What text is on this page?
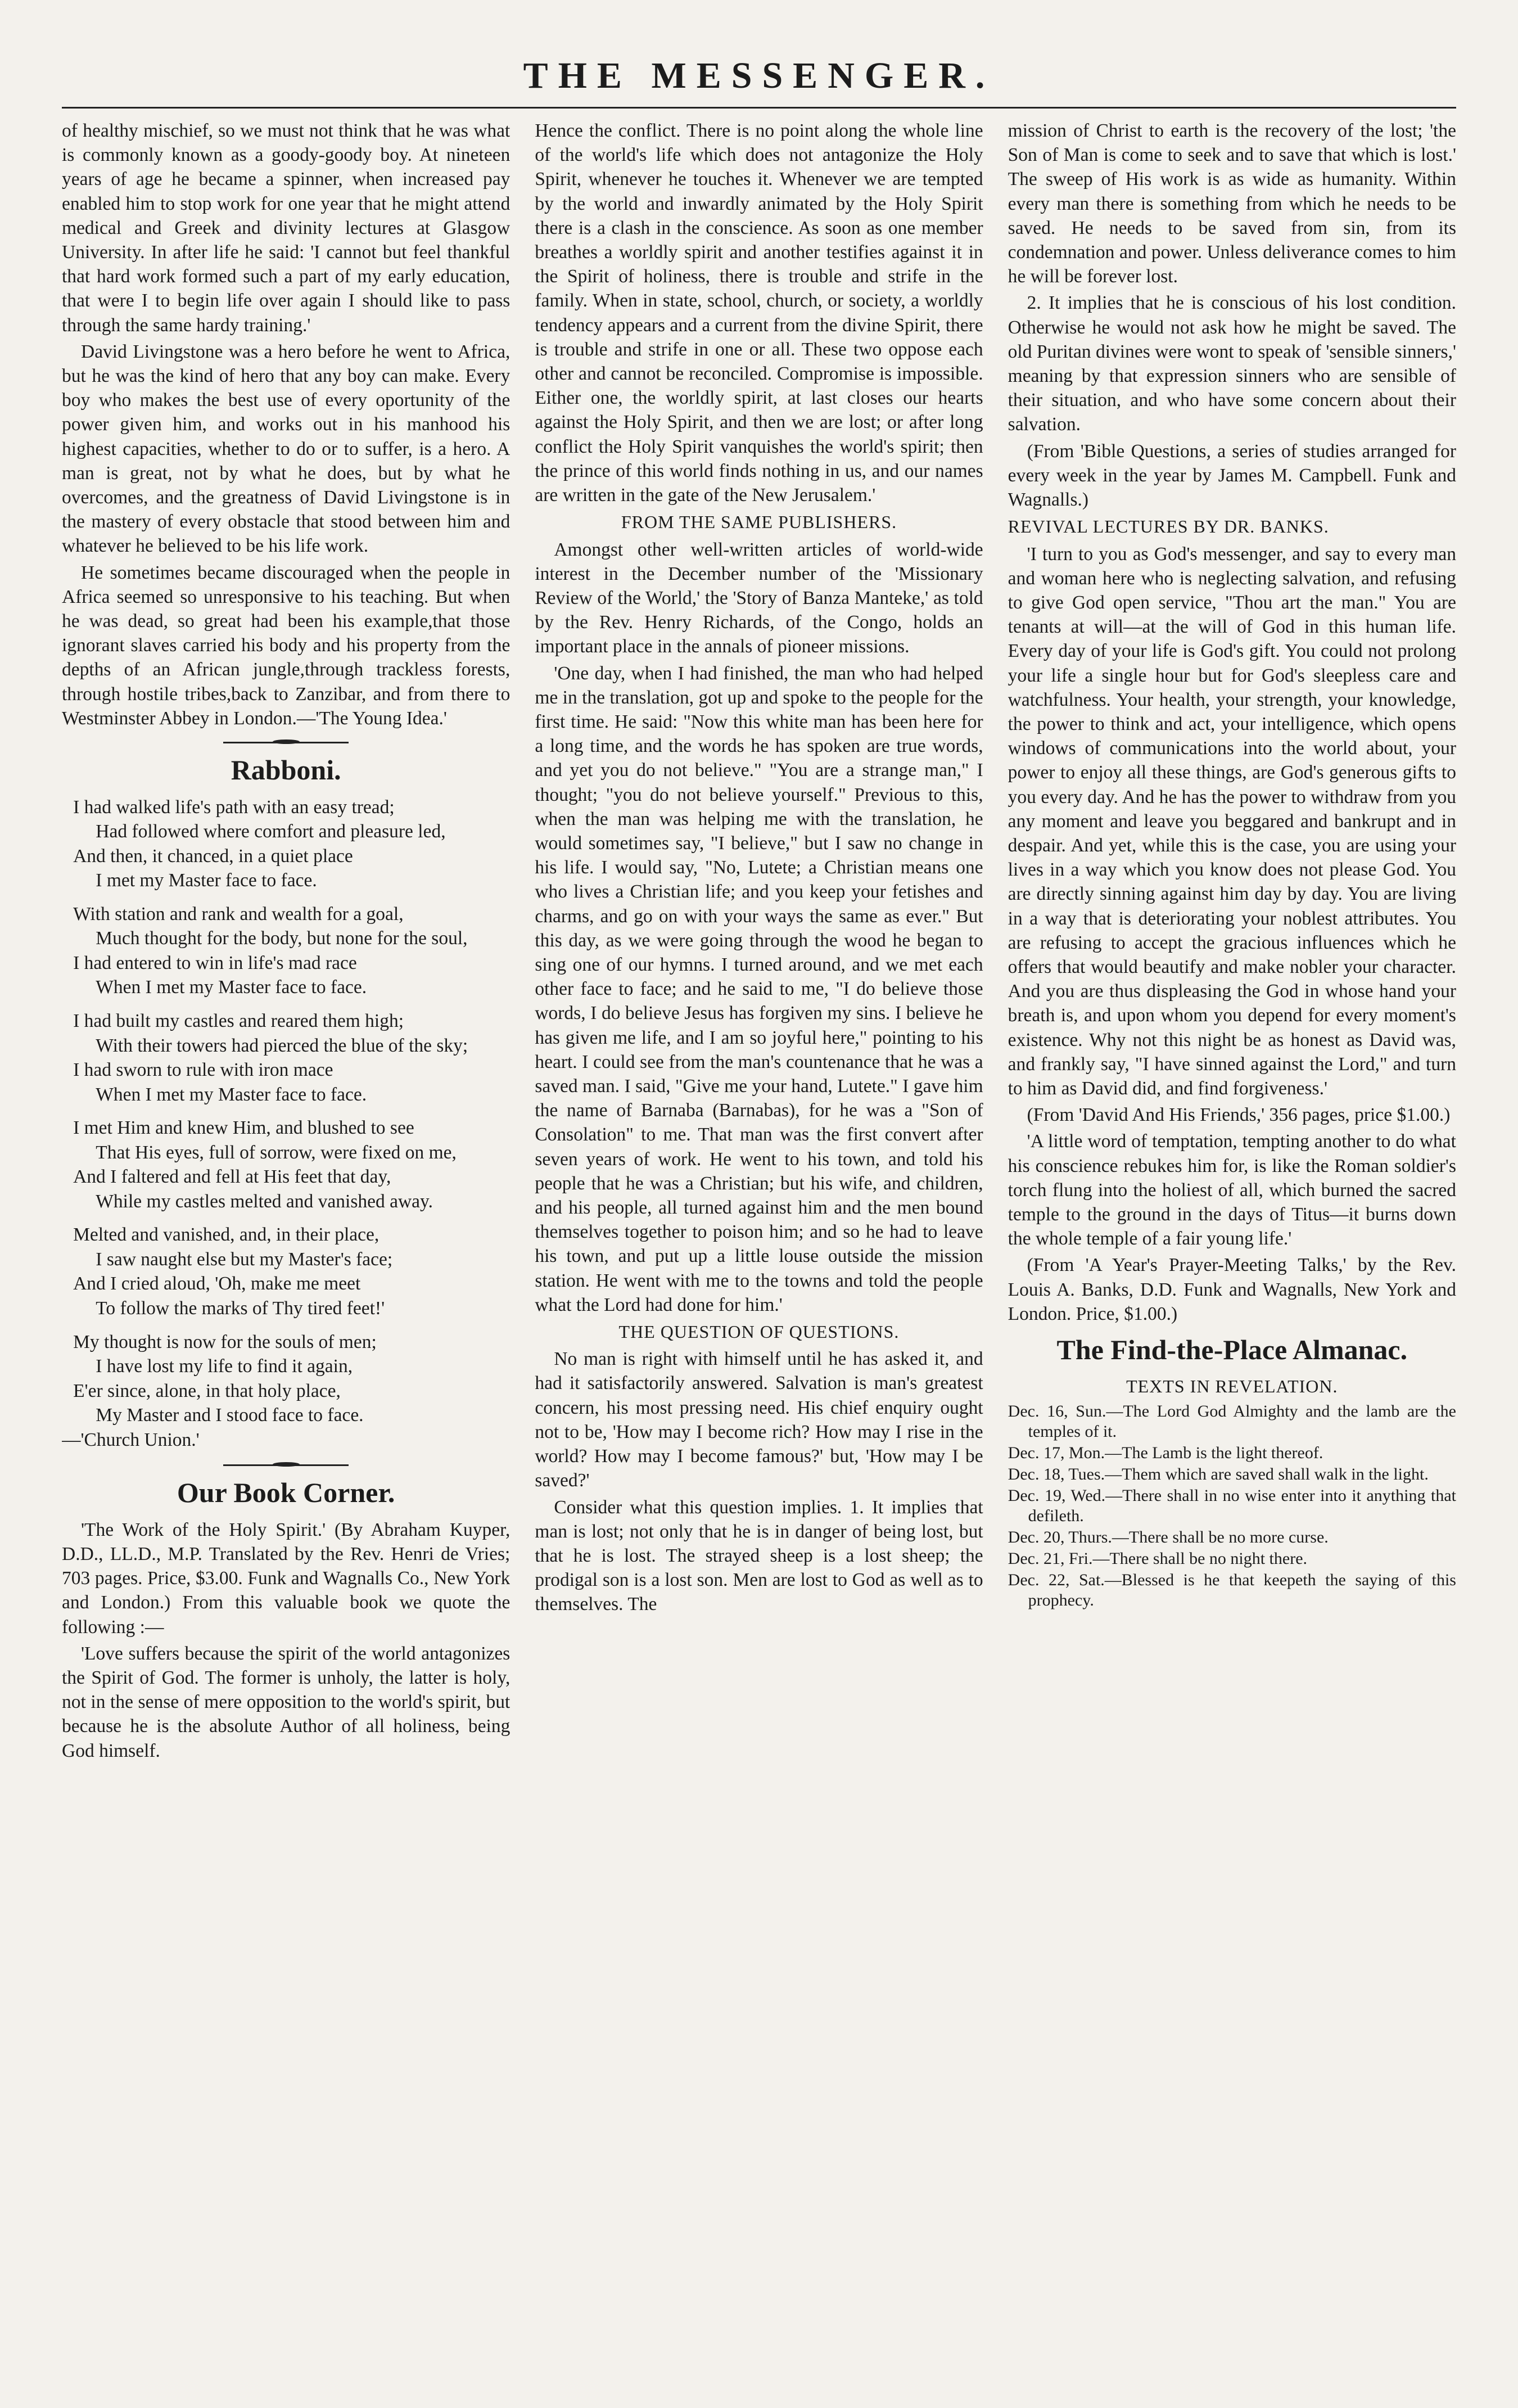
THE MESSENGER.

of healthy mischief, so we must not think that he was what is commonly known as a goody-goody boy. At nineteen years of age he became a spinner, when increased pay enabled him to stop work for one year that he might attend medical and Greek and divinity lectures at Glasgow University. In after life he said: 'I cannot but feel thankful that hard work formed such a part of my early education, that were I to begin life over again I should like to pass through the same hardy training.'

David Livingstone was a hero before he went to Africa, but he was the kind of hero that any boy can make. Every boy who makes the best use of every oportunity of the power given him, and works out in his manhood his highest capacities, whether to do or to suffer, is a hero. A man is great, not by what he does, but by what he overcomes, and the greatness of David Livingstone is in the mastery of every obstacle that stood between him and whatever he believed to be his life work.

He sometimes became discouraged when the people in Africa seemed so unresponsive to his teaching. But when he was dead, so great had been his example,that those ignorant slaves carried his body and his property from the depths of an African jungle,through trackless forests, through hostile tribes,back to Zanzibar, and from there to Westminster Abbey in London.—'The Young Idea.'

Rabboni.
I had walked life's path with an easy tread;
Had followed where comfort and pleasure led,
And then, it chanced, in a quiet place
I met my Master face to face.
With station and rank and wealth for a goal,
Much thought for the body, but none for the soul,
I had entered to win in life's mad race
When I met my Master face to face.
I had built my castles and reared them high;
With their towers had pierced the blue of the sky;
I had sworn to rule with iron mace
When I met my Master face to face.
I met Him and knew Him, and blushed to see
That His eyes, full of sorrow, were fixed on me,
And I faltered and fell at His feet that day,
While my castles melted and vanished away.
Melted and vanished, and, in their place,
I saw naught else but my Master's face;
And I cried aloud, 'Oh, make me meet
To follow the marks of Thy tired feet!'
My thought is now for the souls of men;
I have lost my life to find it again,
E'er since, alone, in that holy place,
My Master and I stood face to face.
—'Church Union.'
Our Book Corner.

'The Work of the Holy Spirit.' (By Abraham Kuyper, D.D., LL.D., M.P. Translated by the Rev. Henri de Vries; 703 pages. Price, $3.00. Funk and Wagnalls Co., New York and London.) From this valuable book we quote the following :—

'Love suffers because the spirit of the world antagonizes the Spirit of God. The former is unholy, the latter is holy, not in the sense of mere opposition to the world's spirit, but because he is the absolute Author of all holiness, being God himself.

Hence the conflict. There is no point along the whole line of the world's life which does not antagonize the Holy Spirit, whenever he touches it. Whenever we are tempted by the world and inwardly animated by the Holy Spirit there is a clash in the conscience. As soon as one member breathes a worldly spirit and another testifies against it in the Spirit of holiness, there is trouble and strife in the family. When in state, school, church, or society, a worldly tendency appears and a current from the divine Spirit, there is trouble and strife in one or all. These two oppose each other and cannot be reconciled. Compromise is impossible. Either one, the worldly spirit, at last closes our hearts against the Holy Spirit, and then we are lost; or after long conflict the Holy Spirit vanquishes the world's spirit; then the prince of this world finds nothing in us, and our names are written in the gate of the New Jerusalem.'

FROM THE SAME PUBLISHERS.

Amongst other well-written articles of world-wide interest in the December number of the 'Missionary Review of the World,' the 'Story of Banza Manteke,' as told by the Rev. Henry Richards, of the Congo, holds an important place in the annals of pioneer missions.

'One day, when I had finished, the man who had helped me in the translation, got up and spoke to the people for the first time. He said: "Now this white man has been here for a long time, and the words he has spoken are true words, and yet you do not believe." "You are a strange man," I thought; "you do not believe yourself." Previous to this, when the man was helping me with the translation, he would sometimes say, "I believe," but I saw no change in his life. I would say, "No, Lutete; a Christian means one who lives a Christian life; and you keep your fetishes and charms, and go on with your ways the same as ever." But this day, as we were going through the wood he began to sing one of our hymns. I turned around, and we met each other face to face; and he said to me, "I do believe those words, I do believe Jesus has forgiven my sins. I believe he has given me life, and I am so joyful here," pointing to his heart. I could see from the man's countenance that he was a saved man. I said, "Give me your hand, Lutete." I gave him the name of Barnaba (Barnabas), for he was a "Son of Consolation" to me. That man was the first convert after seven years of work. He went to his town, and told his people that he was a Christian; but his wife, and children, and his people, all turned against him and the men bound themselves together to poison him; and so he had to leave his town, and put up a little louse outside the mission station. He went with me to the towns and told the people what the Lord had done for him.'

THE QUESTION OF QUESTIONS.

No man is right with himself until he has asked it, and had it satisfactorily answered. Salvation is man's greatest concern, his most pressing need. His chief enquiry ought not to be, 'How may I become rich? How may I rise in the world? How may I become famous?' but, 'How may I be saved?'

Consider what this question implies. 1. It implies that man is lost; not only that he is in danger of being lost, but that he is lost. The strayed sheep is a lost sheep; the prodigal son is a lost son. Men are lost to God as well as to themselves. The

mission of Christ to earth is the recovery of the lost; 'the Son of Man is come to seek and to save that which is lost.' The sweep of His work is as wide as humanity. Within every man there is something from which he needs to be saved. He needs to be saved from sin, from its condemnation and power. Unless deliverance comes to him he will be forever lost.

2. It implies that he is conscious of his lost condition. Otherwise he would not ask how he might be saved. The old Puritan divines were wont to speak of 'sensible sinners,' meaning by that expression sinners who are sensible of their situation, and who have some concern about their salvation.

(From 'Bible Questions, a series of studies arranged for every week in the year by James M. Campbell. Funk and Wagnalls.)

REVIVAL LECTURES BY DR. BANKS.

'I turn to you as God's messenger, and say to every man and woman here who is neglecting salvation, and refusing to give God open service, "Thou art the man." You are tenants at will—at the will of God in this human life. Every day of your life is God's gift. You could not prolong your life a single hour but for God's sleepless care and watchfulness. Your health, your strength, your knowledge, the power to think and act, your intelligence, which opens windows of communications into the world about, your power to enjoy all these things, are God's generous gifts to you every day. And he has the power to withdraw from you any moment and leave you beggared and bankrupt and in despair. And yet, while this is the case, you are using your lives in a way which you know does not please God. You are directly sinning against him day by day. You are living in a way that is deteriorating your noblest attributes. You are refusing to accept the gracious influences which he offers that would beautify and make nobler your character. And you are thus displeasing the God in whose hand your breath is, and upon whom you depend for every moment's existence. Why not this night be as honest as David was, and frankly say, "I have sinned against the Lord," and turn to him as David did, and find forgiveness.'

(From 'David And His Friends,' 356 pages, price $1.00.)

'A little word of temptation, tempting another to do what his conscience rebukes him for, is like the Roman soldier's torch flung into the holiest of all, which burned the sacred temple to the ground in the days of Titus—it burns down the whole temple of a fair young life.'

(From 'A Year's Prayer-Meeting Talks,' by the Rev. Louis A. Banks, D.D. Funk and Wagnalls, New York and London. Price, $1.00.)

The Find-the-Place Almanac.
TEXTS IN REVELATION.
Dec. 16, Sun.—The Lord God Almighty and the lamb are the temples of it.
Dec. 17, Mon.—The Lamb is the light thereof.
Dec. 18, Tues.—Them which are saved shall walk in the light.
Dec. 19, Wed.—There shall in no wise enter into it anything that defileth.
Dec. 20, Thurs.—There shall be no more curse.
Dec. 21, Fri.—There shall be no night there.
Dec. 22, Sat.—Blessed is he that keepeth the saying of this prophecy.
